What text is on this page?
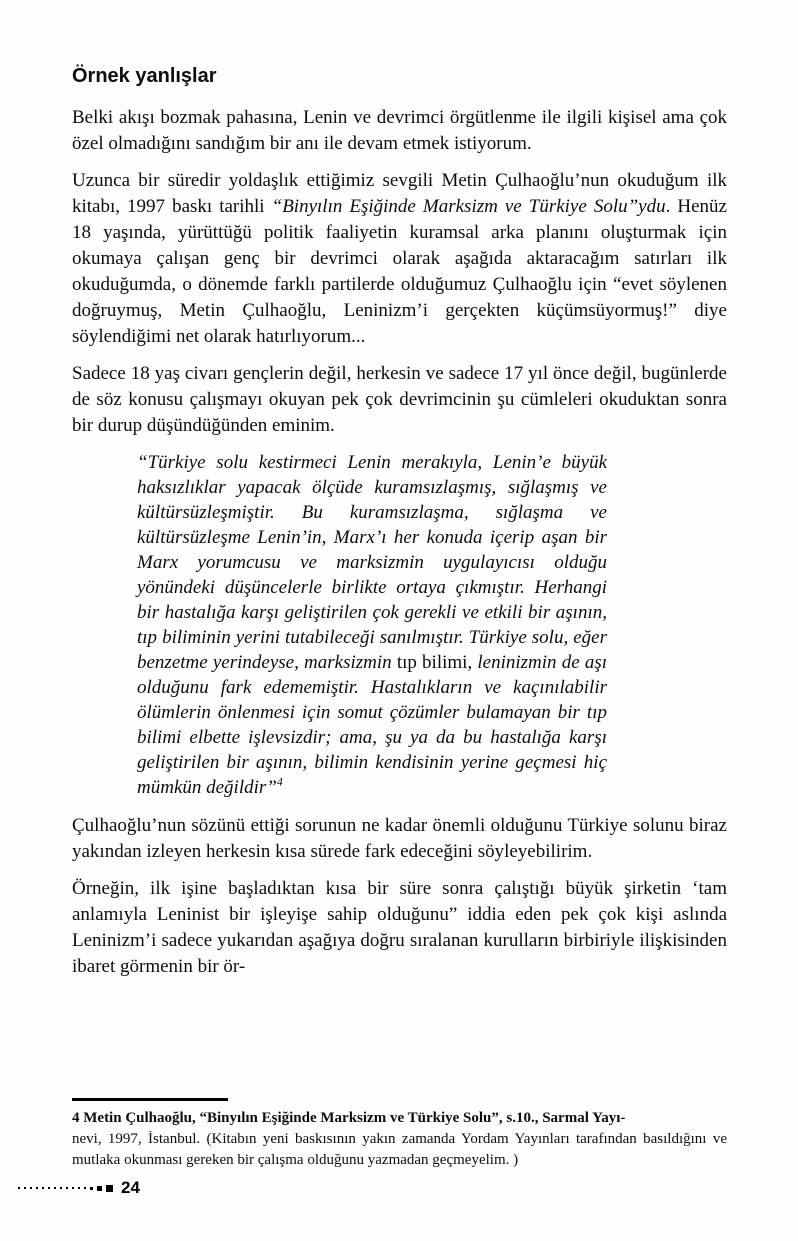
Örnek yanlışlar

Belki akışı bozmak pahasına, Lenin ve devrimci örgütlenme ile ilgili kişisel ama çok özel olmadığını sandığım bir anı ile devam etmek istiyorum.

Uzunca bir süredir yoldaşlık ettiğimiz sevgili Metin Çulhaoğlu’nun okuduğum ilk kitabı, 1997 baskı tarihli “Binyılın Eşiğinde Marksizm ve Türkiye Solu”ydu. Henüz 18 yaşında, yürüttüğü politik faaliyetin kuramsal arka planını oluşturmak için okumaya çalışan genç bir devrimci olarak aşağıda aktaracağım satırları ilk okuduğumda, o dönemde farklı partilerde olduğumuz Çulhaoğlu için “evet söylenen doğruymuş, Metin Çulhaoğlu, Leninizm’i gerçekten küçümsüyormuş!” diye söylendiğimi net olarak hatırlıyorum...

Sadece 18 yaş civarı gençlerin değil, herkesin ve sadece 17 yıl önce değil, bugünlerde de söz konusu çalışmayı okuyan pek çok devrimcinin şu cümleleri okuduktan sonra bir durup düşündüğünden eminim.

“Türkiye solu kestirmeci Lenin merakıyla, Lenin’e büyük haksızlıklar yapacak ölçüde kuramsızlaşmış, sığlaşmış ve kültürsüzleşmiştir. Bu kuramsızlaşma, sığlaşma ve kültürsüzleşme Lenin’in, Marx’ı her konuda içerip aşan bir Marx yorumcusu ve marksizmin uygulayıcısı olduğu yönündeki düşüncelerle birlikte ortaya çıkmıştır. Herhangi bir hastalığa karşı geliştirilen çok gerekli ve etkili bir aşının, tıp biliminin yerini tutabileceği sanılmıştır. Türkiye solu, eğer benzetme yerindeyse, marksizmin tıp bilimi, leninizmin de aşı olduğunu fark edememiştir. Hastalıkların ve kaçınılabilir ölümlerin önlenmesi için somut çözümler bulamayan bir tıp bilimi elbette işlevsizdir; ama, şu ya da bu hastalığa karşı geliştirilen bir aşının, bilimin kendisinin yerine geçmesi hiç mümkün değildir”$^4$

Çulhaoğlu’nun sözünü ettiği sorunun ne kadar önemli olduğunu Türkiye solunu biraz yakından izleyen herkesin kısa sürede fark edeceğini söyleyebilirim.

Örneğin, ilk işine başladıktan kısa bir süre sonra çalıştığı büyük şirketin ‘tam anlamıyla Leninist bir işleyişe sahip olduğunu” iddia eden pek çok kişi aslında Leninizm’i sadece yukarıdan aşağıya doğru sıralanan kurulların birbiriyle ilişkisinden ibaret görmenin bir ör-

4 Metin Çulhaoğlu, “Binyılın Eşiğinde Marksizm ve Türkiye Solu”, s.10., Sarmal Yayı-
nevi, 1997, İstanbul. (Kitabın yeni baskısının yakın zamanda Yordam Yayınları tarafından basıldığını ve mutlaka okunması gereken bir çalışma olduğunu yazmadan geçmeyelim. )

24
